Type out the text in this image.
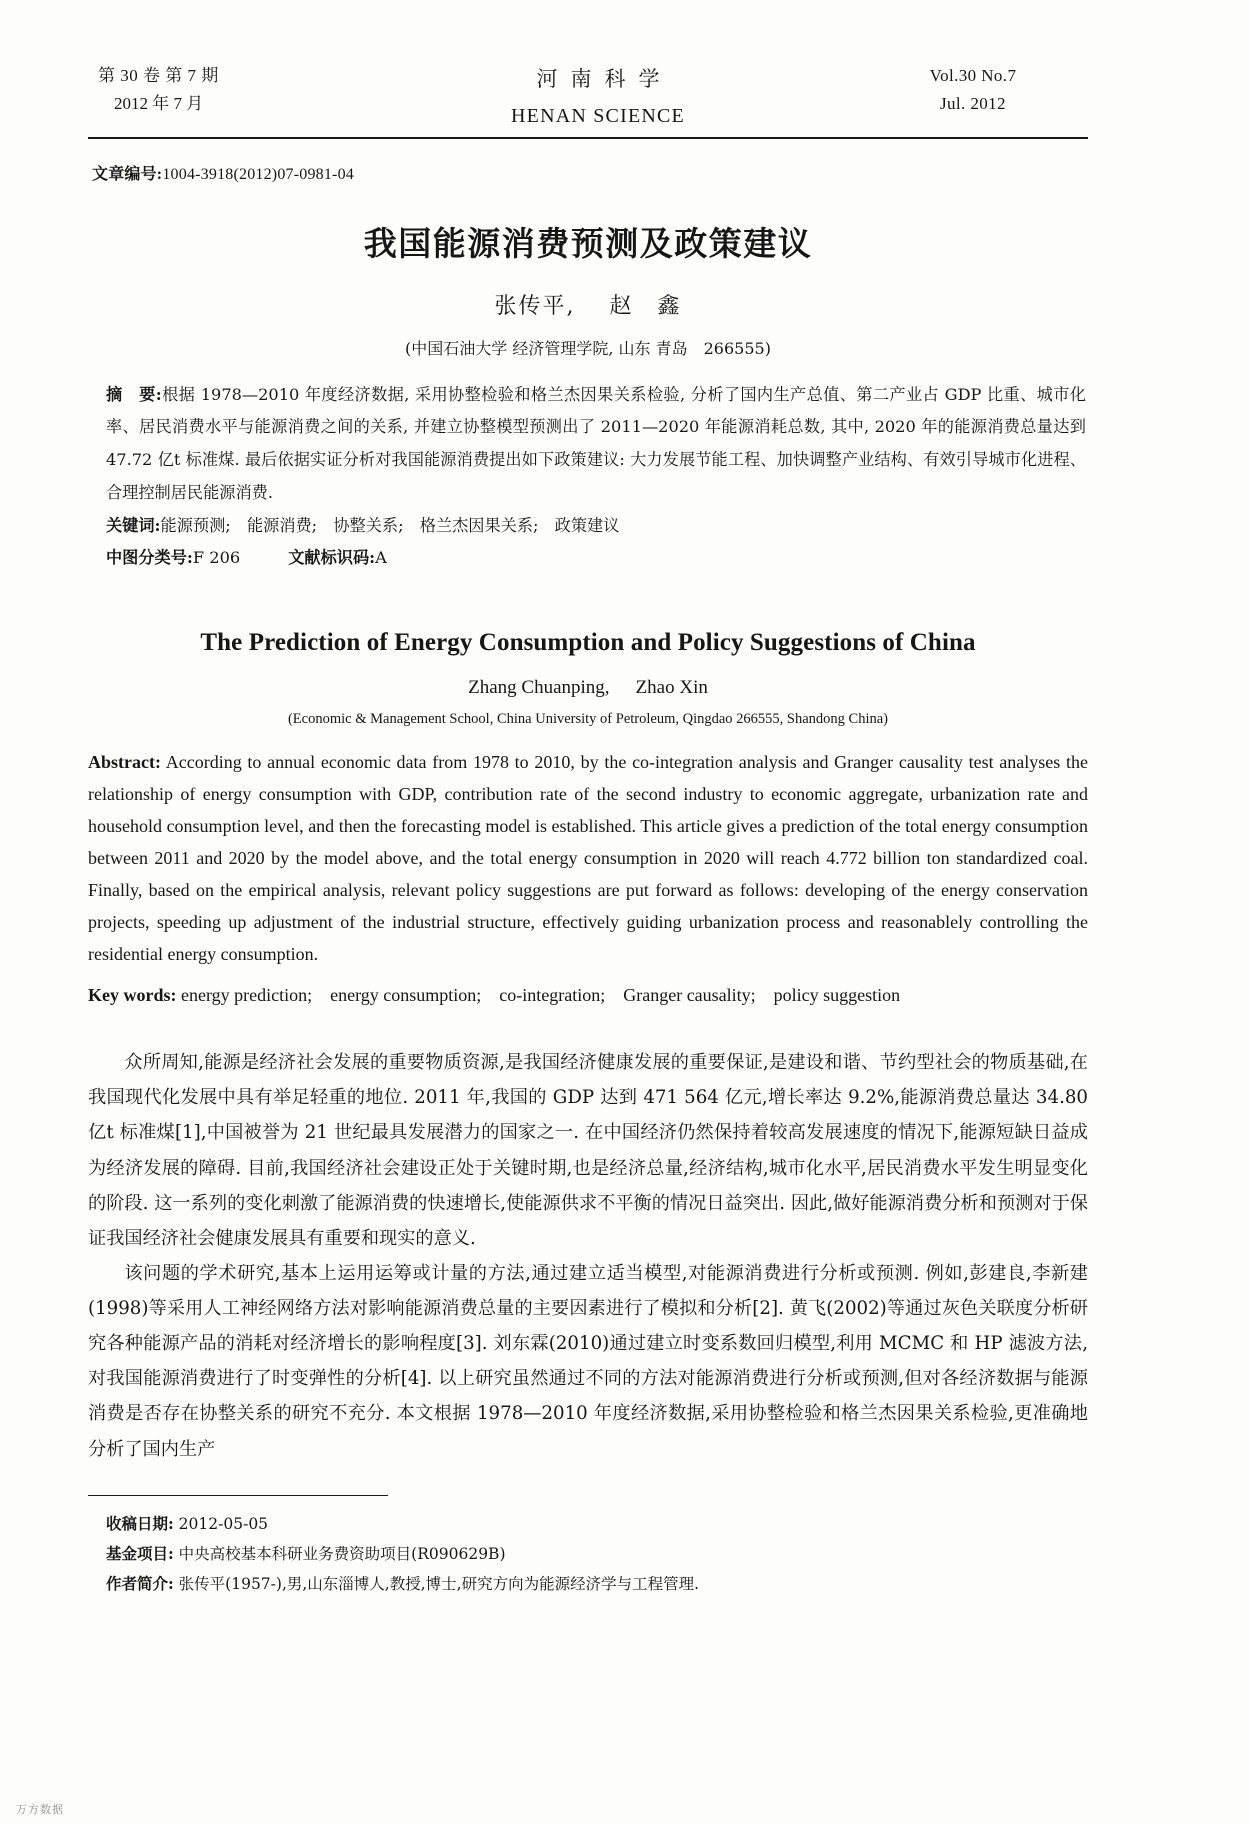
第 30 卷 第 7 期
2012 年 7 月
河南科学
HENAN SCIENCE
Vol.30 No.7
Jul. 2012
文章编号:1004-3918(2012)07-0981-04
我国能源消费预测及政策建议
张传平, 赵　鑫
(中国石油大学 经济管理学院, 山东 青岛　266555)
摘　要:根据 1978—2010 年度经济数据, 采用协整检验和格兰杰因果关系检验, 分析了国内生产总值、第二产业占 GDP 比重、城市化率、居民消费水平与能源消费之间的关系, 并建立协整模型预测出了 2011—2020 年能源消耗总数, 其中, 2020 年的能源消费总量达到 47.72 亿t 标准煤. 最后依据实证分析对我国能源消费提出如下政策建议: 大力发展节能工程、加快调整产业结构、有效引导城市化进程、合理控制居民能源消费.
关键词:能源预测;　能源消费;　协整关系;　格兰杰因果关系;　政策建议
中图分类号:F 206	文献标识码:A
The Prediction of Energy Consumption and Policy Suggestions of China
Zhang Chuanping, Zhao Xin
(Economic & Management School, China University of Petroleum, Qingdao 266555, Shandong China)
Abstract: According to annual economic data from 1978 to 2010, by the co-integration analysis and Granger causality test analyses the relationship of energy consumption with GDP, contribution rate of the second industry to economic aggregate, urbanization rate and household consumption level, and then the forecasting model is established. This article gives a prediction of the total energy consumption between 2011 and 2020 by the model above, and the total energy consumption in 2020 will reach 4.772 billion ton standardized coal. Finally, based on the empirical analysis, relevant policy suggestions are put forward as follows: developing of the energy conservation projects, speeding up adjustment of the industrial structure, effectively guiding urbanization process and reasonablely controlling the residential energy consumption.
Key words: energy prediction;　energy consumption;　co-integration;　Granger causality;　policy suggestion

众所周知,能源是经济社会发展的重要物质资源,是我国经济健康发展的重要保证,是建设和谐、节约型社会的物质基础,在我国现代化发展中具有举足轻重的地位. 2011 年,我国的 GDP 达到 471 564 亿元,增长率达 9.2%,能源消费总量达 34.80 亿t 标准煤[1],中国被誉为 21 世纪最具发展潜力的国家之一. 在中国经济仍然保持着较高发展速度的情况下,能源短缺日益成为经济发展的障碍. 目前,我国经济社会建设正处于关键时期,也是经济总量,经济结构,城市化水平,居民消费水平发生明显变化的阶段. 这一系列的变化刺激了能源消费的快速增长,使能源供求不平衡的情况日益突出. 因此,做好能源消费分析和预测对于保证我国经济社会健康发展具有重要和现实的意义.

该问题的学术研究,基本上运用运筹或计量的方法,通过建立适当模型,对能源消费进行分析或预测. 例如,彭建良,李新建(1998)等采用人工神经网络方法对影响能源消费总量的主要因素进行了模拟和分析[2]. 黄飞(2002)等通过灰色关联度分析研究各种能源产品的消耗对经济增长的影响程度[3]. 刘东霖(2010)通过建立时变系数回归模型,利用 MCMC 和 HP 滤波方法,对我国能源消费进行了时变弹性的分析[4]. 以上研究虽然通过不同的方法对能源消费进行分析或预测,但对各经济数据与能源消费是否存在协整关系的研究不充分. 本文根据 1978—2010 年度经济数据,采用协整检验和格兰杰因果关系检验,更准确地分析了国内生产

收稿日期: 2012-05-05
基金项目: 中央高校基本科研业务费资助项目(R090629B)
作者简介: 张传平(1957-),男,山东淄博人,教授,博士,研究方向为能源经济学与工程管理.
万方数据
